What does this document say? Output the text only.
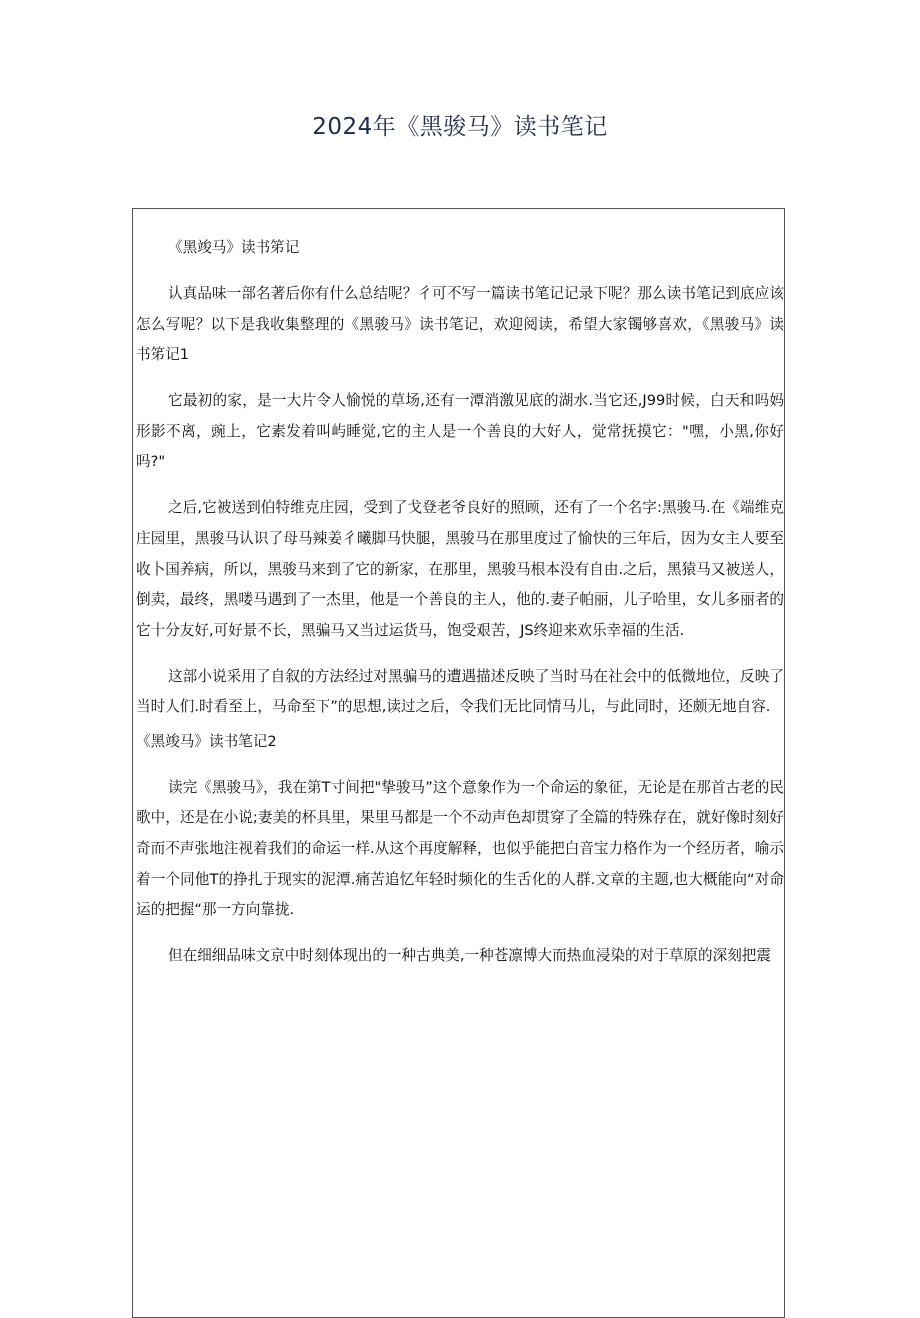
2024年《黑骏马》读书笔记

《黑竣马》读书笫记

认真品味一部名著后你有什么总结呢？彳可不写一篇读书笔记记录下呢？那么读书笔记到底应该怎么写呢？以下是我收集整理的《黑骏马》读书笔记，欢迎阅读，希望大家镯够喜欢，《黑骏马》读书笫记1

它最初的家，是一大片令人愉悦的草场,还有一潭消激见底的湖水.当它还,J99时候，白天和吗妈形影不离，豌上，它素发着叫屿睡觉,它的主人是一个善良的大好人，觉常抚摸它："嘿，小黑,你好吗?"

之后,它被送到伯特维克庄园，受到了戈登老爷良好的照顾，还有了一个名字:黑骏马.在《端维克庄园里，黑骏马认识了母马辣姜彳曦脚马快腿，黑骏马在那里度过了愉快的三年后，因为女主人要至收卜国养病，所以，黑骏马来到了它的新家，在那里，黑骏马根本没有自由.之后，黑猿马又被送人，倒卖，最终，黑喽马遇到了一杰里，他是一个善良的主人，他的.妻子帕丽，儿子哈里，女儿多丽者的它十分友好,可好景不长，黑骗马又当过运货马，饱受艰苦，JS终迎来欢乐幸福的生活.

这部小说采用了自叙的方法经过对黑骗马的遭遇描述反映了当时马在社会中的低微地位，反映了当时人们.时看至上，马命至下”的思想,读过之后，令我们无比同情马儿，与此同时，还颇无地自容.

《黑竣马》读书笔记2

读完《黑骏马》，我在第T寸间把"挚骏马”这个意象作为一个命运的象征，无论是在那首古老的民歌中，还是在小说;妻美的杯具里，果里马都是一个不动声色却贯穿了全篇的特殊存在，就好像时刻好奇而不声张地注视着我们的命运一样.从这个再度解释，也似乎能把白音宝力格作为一个经历者，喻示着一个同他T的挣扎于现实的泥潭.痛苦追忆年轻时频化的生舌化的人群.文章的主题,也大概能向“对命运的把握“那一方向靠拢.

但在细细品味文京中时刻体现出的一种古典美,一种苍凛博大而热血浸染的对于草原的深刻把震
